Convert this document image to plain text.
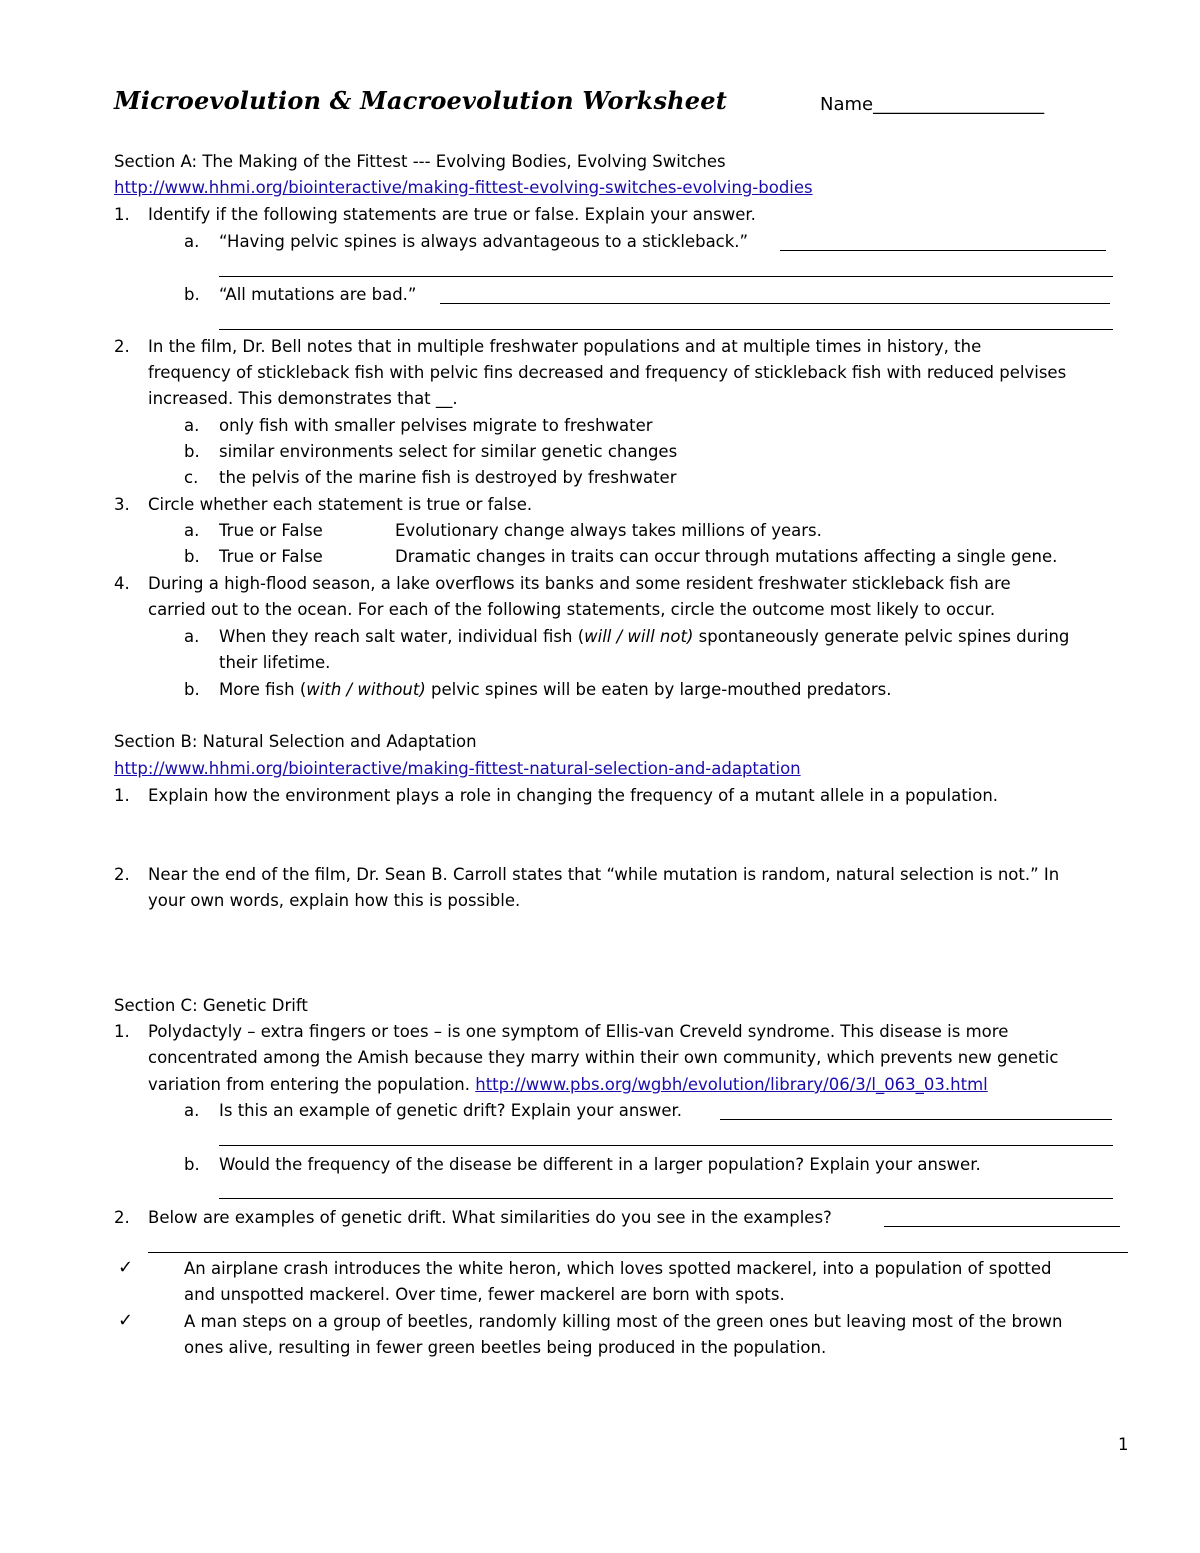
Microevolution & Macroevolution Worksheet	Name___________________
Section A: The Making of the Fittest --- Evolving Bodies, Evolving Switches
http://www.hhmi.org/biointeractive/making-fittest-evolving-switches-evolving-bodies
1. Identify if the following statements are true or false. Explain your answer.
a. “Having pelvic spines is always advantageous to a stickleback.”
b. “All mutations are bad.”
2. In the film, Dr. Bell notes that in multiple freshwater populations and at multiple times in history, the
frequency of stickleback fish with pelvic fins decreased and frequency of stickleback fish with reduced pelvises
increased. This demonstrates that __.
a. only fish with smaller pelvises migrate to freshwater
b. similar environments select for similar genetic changes
c. the pelvis of the marine fish is destroyed by freshwater
3. Circle whether each statement is true or false.
a. True or False	Evolutionary change always takes millions of years.
b. True or False	Dramatic changes in traits can occur through mutations affecting a single gene.
4. During a high-flood season, a lake overflows its banks and some resident freshwater stickleback fish are
carried out to the ocean. For each of the following statements, circle the outcome most likely to occur.
a. When they reach salt water, individual fish (will / will not) spontaneously generate pelvic spines during
their lifetime.
b. More fish (with / without) pelvic spines will be eaten by large-mouthed predators.
Section B: Natural Selection and Adaptation
http://www.hhmi.org/biointeractive/making-fittest-natural-selection-and-adaptation
1. Explain how the environment plays a role in changing the frequency of a mutant allele in a population.
2. Near the end of the film, Dr. Sean B. Carroll states that “while mutation is random, natural selection is not.” In
your own words, explain how this is possible.
Section C: Genetic Drift
1. Polydactyly – extra fingers or toes – is one symptom of Ellis-van Creveld syndrome. This disease is more
concentrated among the Amish because they marry within their own community, which prevents new genetic
variation from entering the population. http://www.pbs.org/wgbh/evolution/library/06/3/l_063_03.html
a. Is this an example of genetic drift? Explain your answer.
b. Would the frequency of the disease be different in a larger population? Explain your answer.
2. Below are examples of genetic drift. What similarities do you see in the examples?
✓	An airplane crash introduces the white heron, which loves spotted mackerel, into a population of spotted
and unspotted mackerel. Over time, fewer mackerel are born with spots.
✓	A man steps on a group of beetles, randomly killing most of the green ones but leaving most of the brown
ones alive, resulting in fewer green beetles being produced in the population.
1
